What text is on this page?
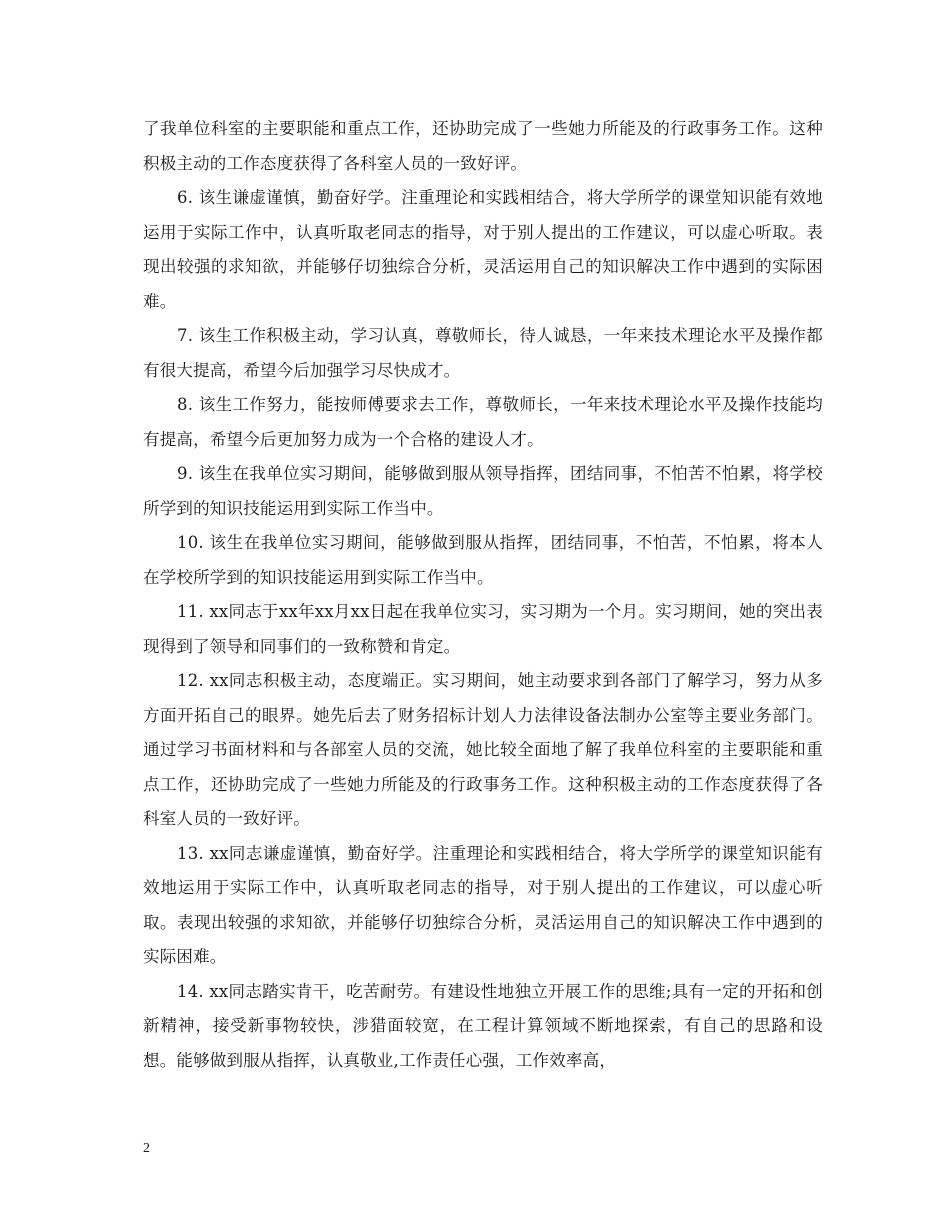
了我单位科室的主要职能和重点工作，还协助完成了一些她力所能及的行政事务工作。这种积极主动的工作态度获得了各科室人员的一致好评。

6. 该生谦虚谨慎，勤奋好学。注重理论和实践相结合，将大学所学的课堂知识能有效地运用于实际工作中，认真听取老同志的指导，对于别人提出的工作建议，可以虚心听取。表现出较强的求知欲，并能够仔切独综合分析，灵活运用自己的知识解决工作中遇到的实际困难。

7. 该生工作积极主动，学习认真，尊敬师长，待人诚恳，一年来技术理论水平及操作都有很大提高，希望今后加强学习尽快成才。

8. 该生工作努力，能按师傅要求去工作，尊敬师长，一年来技术理论水平及操作技能均有提高，希望今后更加努力成为一个合格的建设人才。

9. 该生在我单位实习期间，能够做到服从领导指挥，团结同事，不怕苦不怕累，将学校所学到的知识技能运用到实际工作当中。

10. 该生在我单位实习期间，能够做到服从指挥，团结同事，不怕苦，不怕累，将本人在学校所学到的知识技能运用到实际工作当中。

11. xx同志于xx年xx月xx日起在我单位实习，实习期为一个月。实习期间，她的突出表现得到了领导和同事们的一致称赞和肯定。

12. xx同志积极主动，态度端正。实习期间，她主动要求到各部门了解学习，努力从多方面开拓自己的眼界。她先后去了财务招标计划人力法律设备法制办公室等主要业务部门。通过学习书面材料和与各部室人员的交流，她比较全面地了解了我单位科室的主要职能和重点工作，还协助完成了一些她力所能及的行政事务工作。这种积极主动的工作态度获得了各科室人员的一致好评。

13. xx同志谦虚谨慎，勤奋好学。注重理论和实践相结合，将大学所学的课堂知识能有效地运用于实际工作中，认真听取老同志的指导，对于别人提出的工作建议，可以虚心听取。表现出较强的求知欲，并能够仔切独综合分析，灵活运用自己的知识解决工作中遇到的实际困难。

14. xx同志踏实肯干，吃苦耐劳。有建设性地独立开展工作的思维;具有一定的开拓和创新精神，接受新事物较快，涉猎面较宽，在工程计算领域不断地探索，有自己的思路和设想。能够做到服从指挥，认真敬业,工作责任心强，工作效率高，

2
